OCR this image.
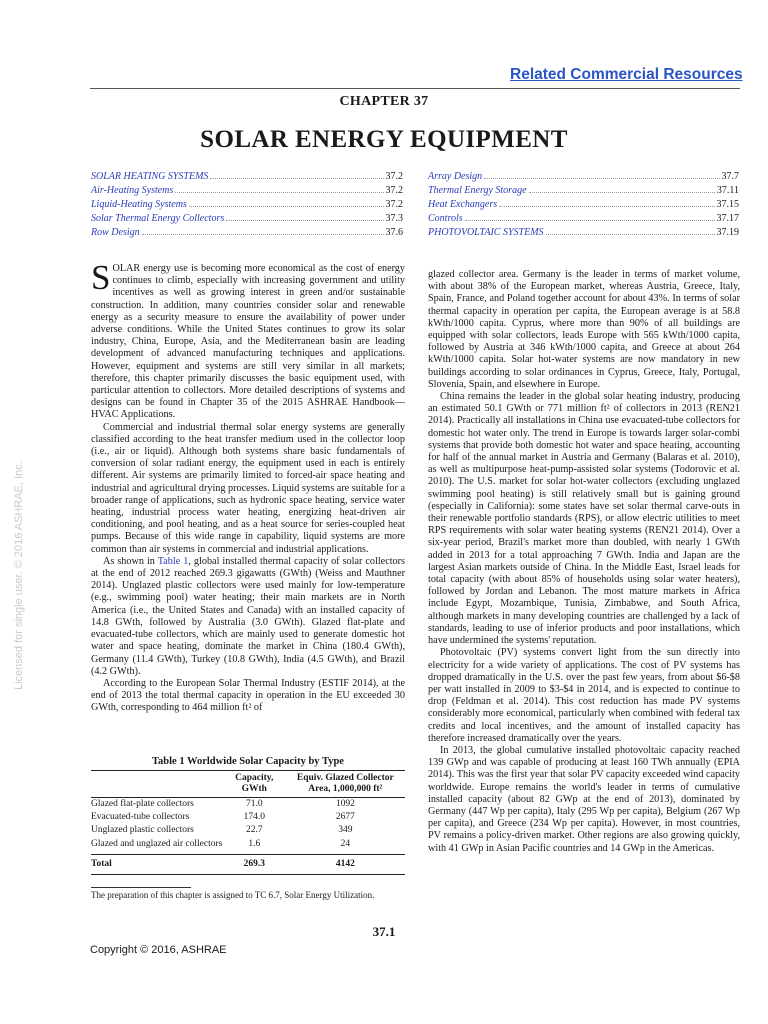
Related Commercial Resources
CHAPTER 37
SOLAR ENERGY EQUIPMENT
SOLAR HEATING SYSTEMS	37.2
Air-Heating Systems	37.2
Liquid-Heating Systems	37.2
Solar Thermal Energy Collectors	37.3
Row Design	37.6
Array Design	37.7
Thermal Energy Storage	37.11
Heat Exchangers	37.15
Controls	37.17
PHOTOVOLTAIC SYSTEMS	37.19

SOLAR energy use is becoming more economical as the cost of energy continues to climb, especially with increasing government and utility incentives as well as growing interest in green and/or sustainable construction. In addition, many countries consider solar and renewable energy as a security measure to ensure the availability of power under adverse conditions. While the United States continues to grow its solar industry, China, Europe, Asia, and the Mediterranean basin are leading development of advanced manufacturing techniques and applications. However, equipment and systems are still very similar in all markets; therefore, this chapter primarily discusses the basic equipment used, with particular attention to collectors. More detailed descriptions of systems and designs can be found in Chapter 35 of the 2015 ASHRAE Handbook—HVAC Applications.

Commercial and industrial thermal solar energy systems are generally classified according to the heat transfer medium used in the collector loop (i.e., air or liquid). Although both systems share basic fundamentals of conversion of solar radiant energy, the equipment used in each is entirely different. Air systems are primarily limited to forced-air space heating and industrial and agricultural drying processes. Liquid systems are suitable for a broader range of applications, such as hydronic space heating, service water heating, industrial process water heating, energizing heat-driven air conditioning, and pool heating, and as a heat source for series-coupled heat pumps. Because of this wide range in capability, liquid systems are more common than air systems in commercial and industrial applications.

As shown in Table 1, global installed thermal capacity of solar collectors at the end of 2012 reached 269.3 gigawatts (GWth) (Weiss and Mauthner 2014). Unglazed plastic collectors were used mainly for low-temperature (e.g., swimming pool) water heating; their main markets are in North America (i.e., the United States and Canada) with an installed capacity of 14.8 GWth, followed by Australia (3.0 GWth). Glazed flat-plate and evacuated-tube collectors, which are mainly used to generate domestic hot water and space heating, dominate the market in China (180.4 GWth), Germany (11.4 GWth), Turkey (10.8 GWth), India (4.5 GWth), and Brazil (4.2 GWth).

According to the European Solar Thermal Industry (ESTIF 2014), at the end of 2013 the total thermal capacity in operation in the EU exceeded 30 GWth, corresponding to 464 million ft² of

Table 1 Worldwide Solar Capacity by Type
	Capacity, GWth	Equiv. Glazed Collector Area, 1,000,000 ft²
Glazed flat-plate collectors	71.0	1092
Evacuated-tube collectors	174.0	2677
Unglazed plastic collectors	22.7	349
Glazed and unglazed air collectors	1.6	24
Total	269.3	4142
The preparation of this chapter is assigned to TC 6.7, Solar Energy Utilization.

glazed collector area. Germany is the leader in terms of market volume, with about 38% of the European market, whereas Austria, Greece, Italy, Spain, France, and Poland together account for about 43%. In terms of solar thermal capacity in operation per capita, the European average is at 58.8 kWth/1000 capita. Cyprus, where more than 90% of all buildings are equipped with solar collectors, leads Europe with 565 kWth/1000 capita, followed by Austria at 346 kWth/1000 capita, and Greece at about 264 kWth/1000 capita. Solar hot-water systems are now mandatory in new buildings according to solar ordinances in Cyprus, Greece, Italy, Portugal, Slovenia, Spain, and elsewhere in Europe.

China remains the leader in the global solar heating industry, producing an estimated 50.1 GWth or 771 million ft² of collectors in 2013 (REN21 2014). Practically all installations in China use evacuated-tube collectors for domestic hot water only. The trend in Europe is towards larger solar-combi systems that provide both domestic hot water and space heating, accounting for half of the annual market in Austria and Germany (Balaras et al. 2010), as well as multipurpose heat-pump-assisted solar systems (Todorovic et al. 2010). The U.S. market for solar hot-water collectors (excluding unglazed swimming pool heating) is still relatively small but is gaining ground (especially in California): some states have set solar thermal carve-outs in their renewable portfolio standards (RPS), or allow electric utilities to meet RPS requirements with solar water heating systems (REN21 2014). Over a six-year period, Brazil's market more than doubled, with nearly 1 GWth added in 2013 for a total approaching 7 GWth. India and Japan are the largest Asian markets outside of China. In the Middle East, Israel leads for total capacity (with about 85% of households using solar water heaters), followed by Jordan and Lebanon. The most mature markets in Africa include Egypt, Mozambique, Tunisia, Zimbabwe, and South Africa, although markets in many developing countries are challenged by a lack of standards, leading to use of inferior products and poor installations, which have undermined the systems' reputation.

Photovoltaic (PV) systems convert light from the sun directly into electricity for a wide variety of applications. The cost of PV systems has dropped dramatically in the U.S. over the past few years, from about $6-$8 per watt installed in 2009 to $3-$4 in 2014, and is expected to continue to drop (Feldman et al. 2014). This cost reduction has made PV systems considerably more economical, particularly when combined with federal tax credits and local incentives, and the amount of installed capacity has therefore increased dramatically over the years.

In 2013, the global cumulative installed photovoltaic capacity reached 139 GWp and was capable of producing at least 160 TWh annually (EPIA 2014). This was the first year that solar PV capacity exceeded wind capacity worldwide. Europe remains the world's leader in terms of cumulative installed capacity (about 82 GWp at the end of 2013), dominated by Germany (447 Wp per capita), Italy (295 Wp per capita), Belgium (267 Wp per capita), and Greece (234 Wp per capita). However, in most countries, PV remains a policy-driven market. Other regions are also growing quickly, with 41 GWp in Asian Pacific countries and 14 GWp in the Americas.

37.1
Copyright © 2016, ASHRAE
Licensed for single user. © 2016 ASHRAE, Inc.
